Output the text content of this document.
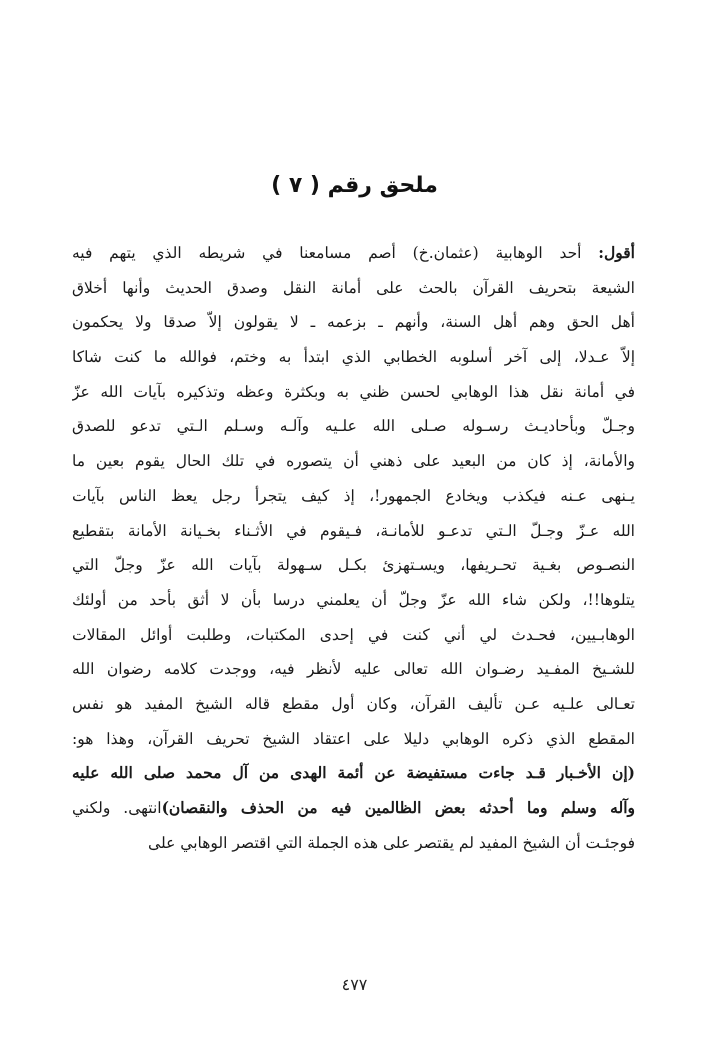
ملحق رقم ( ٧ )
أقول: أحد الوهابية (عثمان.خ) أصم مسامعنا في شريطه الذي يتهم فيه
الشيعة بتحريف القرآن بالحث على أمانة النقل وصدق الحديث وأنها أخلاق
أهل الحق وهم أهل السنة، وأنهم ـ بزعمه ـ لا يقولون إلاّ صدقا ولا يحكمون
إلاّ عـدلا، إلى آخر أسلوبه الخطابي الذي ابتدأ به وختم، فوالله ما كنت شاكا
في أمانة نقل هذا الوهابي لحسن ظني به وبكثرة وعظه وتذكيره بآيات الله عزّ
وجـلّ وبأحاديـث رسـوله صـلى الله علـيه وآلـه وسـلم الـتي تدعو للصدق
والأمانة، إذ كان من البعيد على ذهني أن يتصوره في تلك الحال يقوم بعين ما
يـنهى عـنه فيكذب ويخادع الجمهور!، إذ كيف يتجرأ رجل يعظ الناس بآيات
الله عـزّ وجـلّ الـتي تدعـو للأمانـة، فـيقوم في الأثـناء بخـيانة الأمانة بتقطيع
النصـوص بغـية تحـريفها، ويسـتهزئ بكـل سـهولة بآيات الله عزّ وجلّ التي
يتلوها!!، ولكن شاء الله عزّ وجلّ أن يعلمني درسا بأن لا أثق بأحد من أولئك
الوهابـيين، فحـدث لي أني كنت في إحدى المكتبات، وطلبت أوائل المقالات
للشـيخ المفـيد رضـوان الله تعالى عليه لأنظر فيه، ووجدت كلامه رضوان الله
تعـالى علـيه عـن تأليف القرآن، وكان أول مقطع قاله الشيخ المفيد هو نفس
المقطع الذي ذكره الوهابي دليلا على اعتقاد الشيخ تحريف القرآن، وهذا هو:
(إن الأخـبار قـد جاءت مستفيضة عن أئمة الهدى من آل محمد صلى الله عليه
وآله وسلم وما أحدثه بعض الظالمين فيه من الحذف والنقصان)انتهى. ولكني
فوجئـت أن الشيخ المفيد لم يقتصر على هذه الجملة التي اقتصر الوهابي على
٤٧٧
